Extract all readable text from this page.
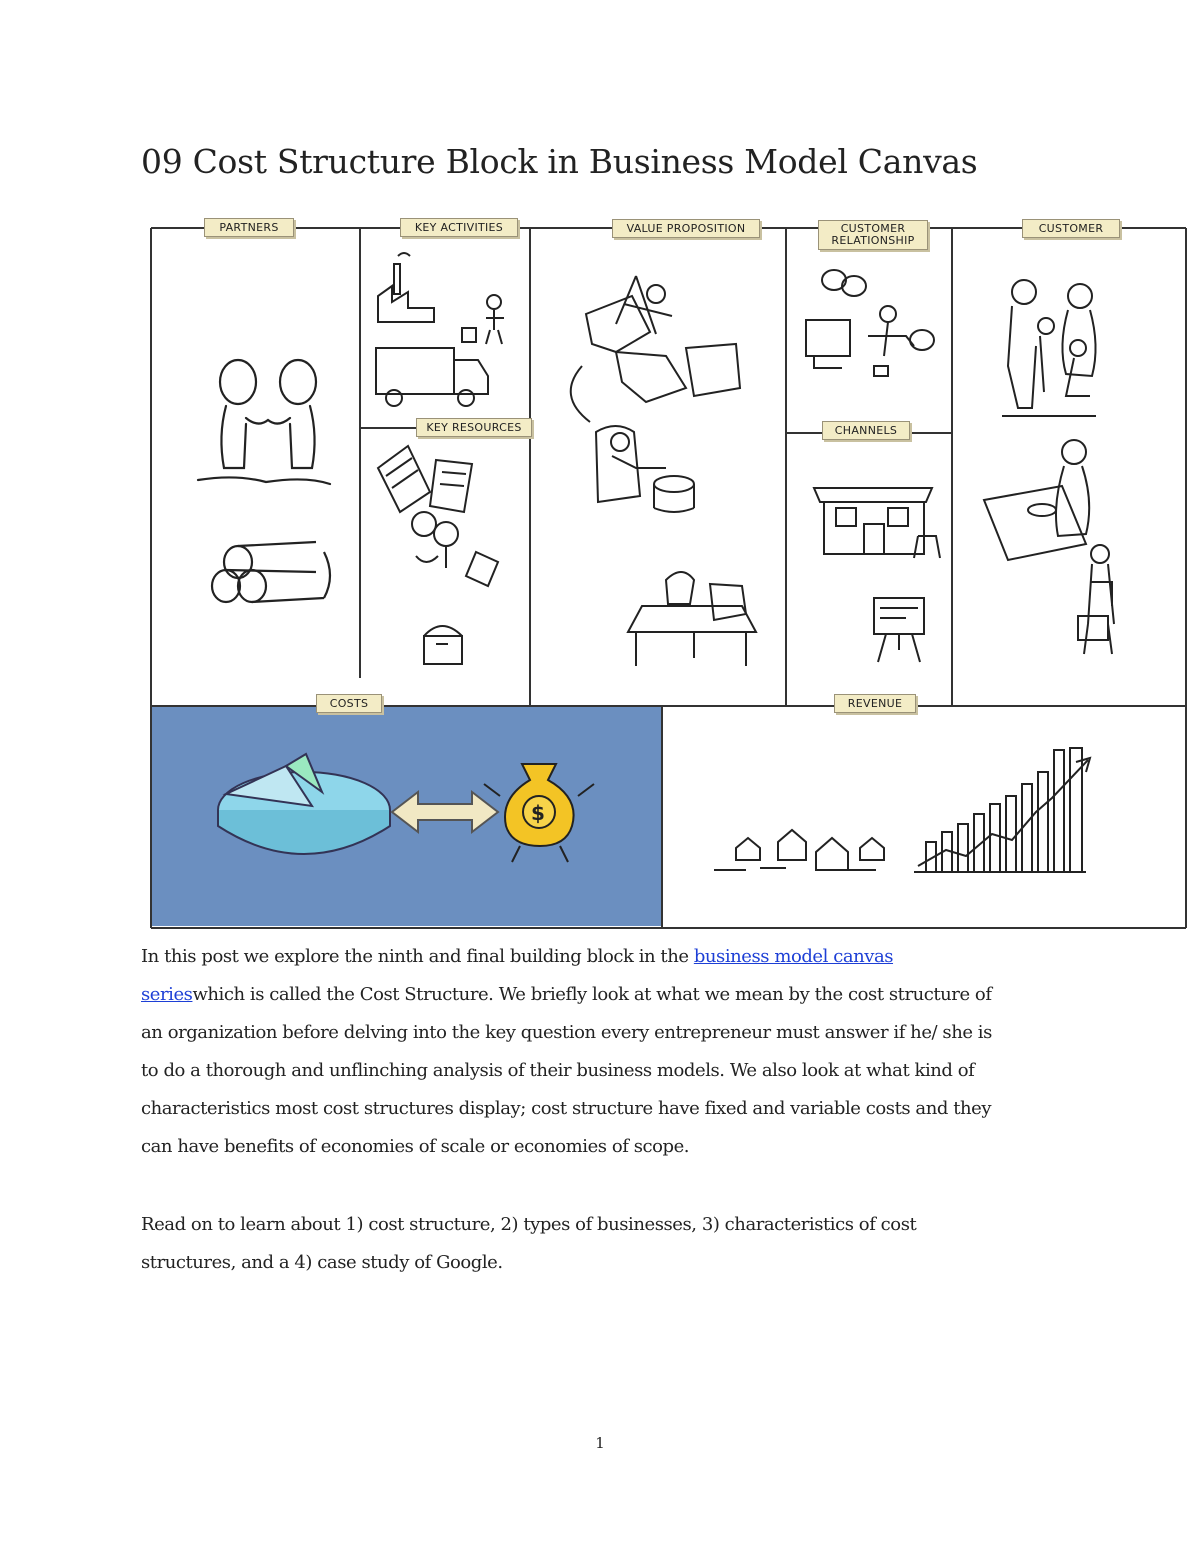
09 Cost Structure Block in Business Model Canvas
$
PARTNERS	KEY ACTIVITIES
KEY RESOURCES
VALUE PROPOSITION	CUSTOMER
RELATIONSHIP
CHANNELS
CUSTOMER
COSTS	REVENUE

In this post we explore the ninth and final building block in the business model canvas
serieswhich is called the Cost Structure. We briefly look at what we mean by the cost structure of
an organization before delving into the key question every entrepreneur must answer if he/ she is
to do a thorough and unflinching analysis of their business models. We also look at what kind of
characteristics most cost structures display; cost structure have fixed and variable costs and they
can have benefits of economies of scale or economies of scope.

Read on to learn about 1) cost structure, 2) types of businesses, 3) characteristics of cost
structures, and a 4) case study of Google.

1
